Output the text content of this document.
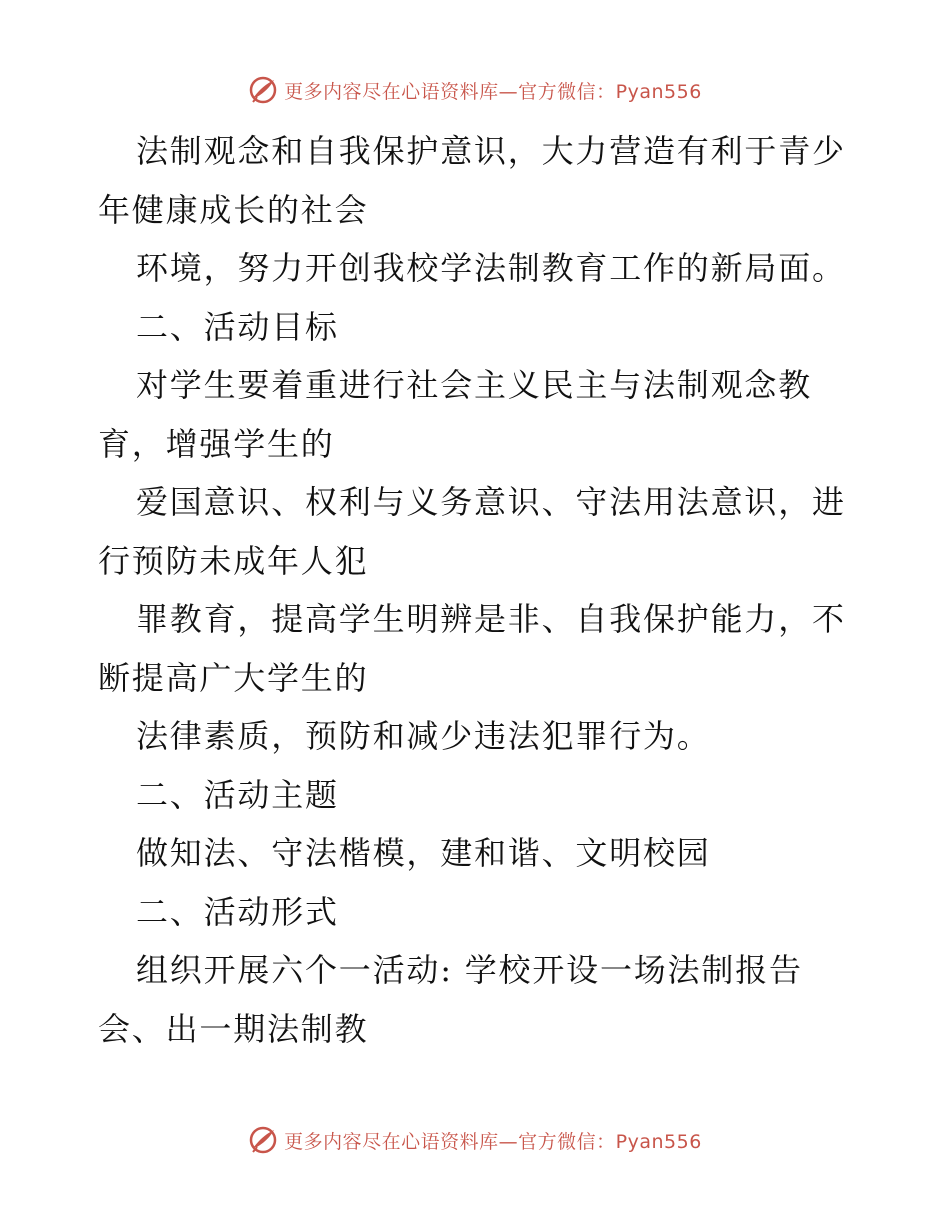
更多内容尽在心语资料库—官方微信：Pyan556
法制观念和自我保护意识，大力营造有利于青少
年健康成长的社会
环境，努力开创我校学法制教育工作的新局面。
二、活动目标
对学生要着重进行社会主义民主与法制观念教
育，增强学生的
爱国意识、权利与义务意识、守法用法意识，进
行预防未成年人犯
罪教育，提高学生明辨是非、自我保护能力，不
断提高广大学生的
法律素质，预防和减少违法犯罪行为。
二、活动主题
做知法、守法楷模，建和谐、文明校园
二、活动形式
组织开展六个一活动: 学校开设一场法制报告
会、出一期法制教
更多内容尽在心语资料库—官方微信：Pyan556
